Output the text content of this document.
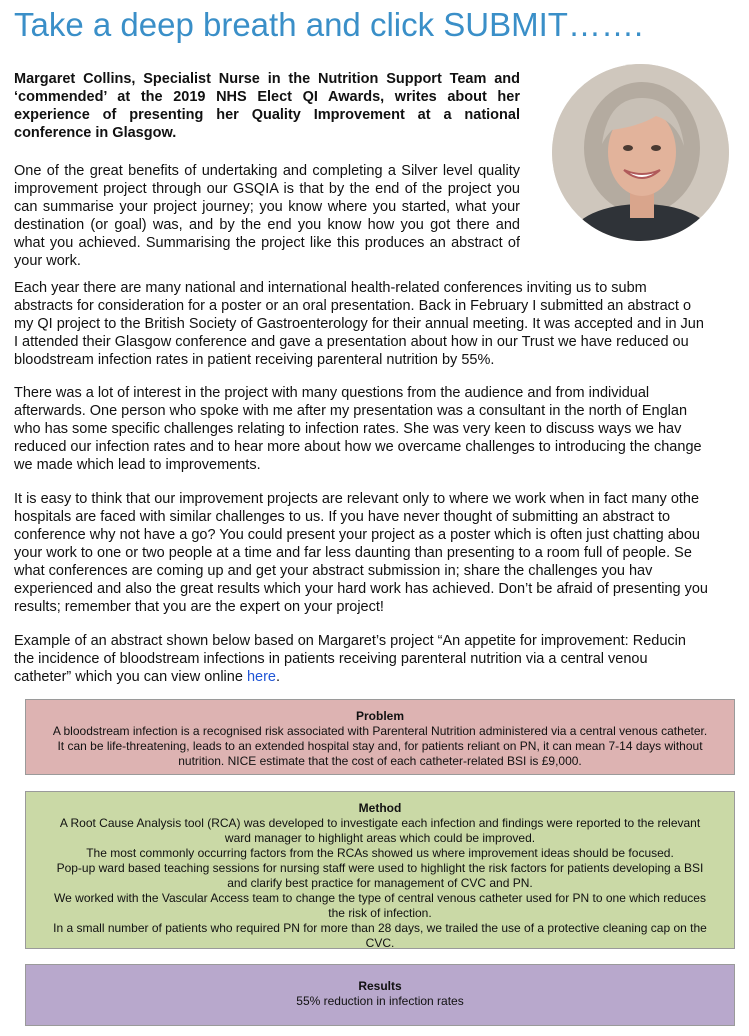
Take a deep breath and click SUBMIT…….

Margaret Collins, Specialist Nurse in the Nutrition Support Team and ‘commended’ at the 2019 NHS Elect QI Awards, writes about her experience of presenting her Quality Improvement at a national conference in Glasgow.

One of the great benefits of undertaking and completing a Silver level quality improvement project through our GSQIA is that by the end of the project you can summarise your project journey; you know where you started, what your destination (or goal) was, and by the end you know how you got there and what you achieved. Summarising the project like this produces an abstract of your work.

Each year there are many national and international health-related conferences inviting us to subm
abstracts for consideration for a poster or an oral presentation. Back in February I submitted an abstract o
my QI project to the British Society of Gastroenterology for their annual meeting. It was accepted and in Jun
I attended their Glasgow conference and gave a presentation about how in our Trust we have reduced ou
bloodstream infection rates in patient receiving parenteral nutrition by 55%.

There was a lot of interest in the project with many questions from the audience and from individual
afterwards. One person who spoke with me after my presentation was a consultant in the north of Englan
who has some specific challenges relating to infection rates. She was very keen to discuss ways we hav
reduced our infection rates and to hear more about how we overcame challenges to introducing the change
we made which lead to improvements.

It is easy to think that our improvement projects are relevant only to where we work when in fact many othe
hospitals are faced with similar challenges to us. If you have never thought of submitting an abstract to
conference why not have a go? You could present your project as a poster which is often just chatting abou
your work to one or two people at a time and far less daunting than presenting to a room full of people. Se
what conferences are coming up and get your abstract submission in; share the challenges you hav
experienced and also the great results which your hard work has achieved. Don’t be afraid of presenting you
results; remember that you are the expert on your project!

Example of an abstract shown below based on Margaret’s project “An appetite for improvement: Reducin
the incidence of bloodstream infections in patients receiving parenteral nutrition via a central venou
catheter” which you can view online here.

Problem

A bloodstream infection is a recognised risk associated with Parenteral Nutrition administered via a central venous catheter.

It can be life-threatening, leads to an extended hospital stay and, for patients reliant on PN, it can mean 7-14 days without

nutrition. NICE estimate that the cost of each catheter-related BSI is £9,000.

Method

A Root Cause Analysis tool (RCA) was developed to investigate each infection and findings were reported to the relevant

ward manager to highlight areas which could be improved.

The most commonly occurring factors from the RCAs showed us where improvement ideas should be focused.

Pop-up ward based teaching sessions for nursing staff were used to highlight the risk factors for patients developing a BSI

and clarify best practice for management of CVC and PN.

We worked with the Vascular Access team to change the type of central venous catheter used for PN to one which reduces

the risk of infection.

In a small number of patients who required PN for more than 28 days, we trailed the use of a protective cleaning cap on the

CVC.

Results

55% reduction in infection rates
